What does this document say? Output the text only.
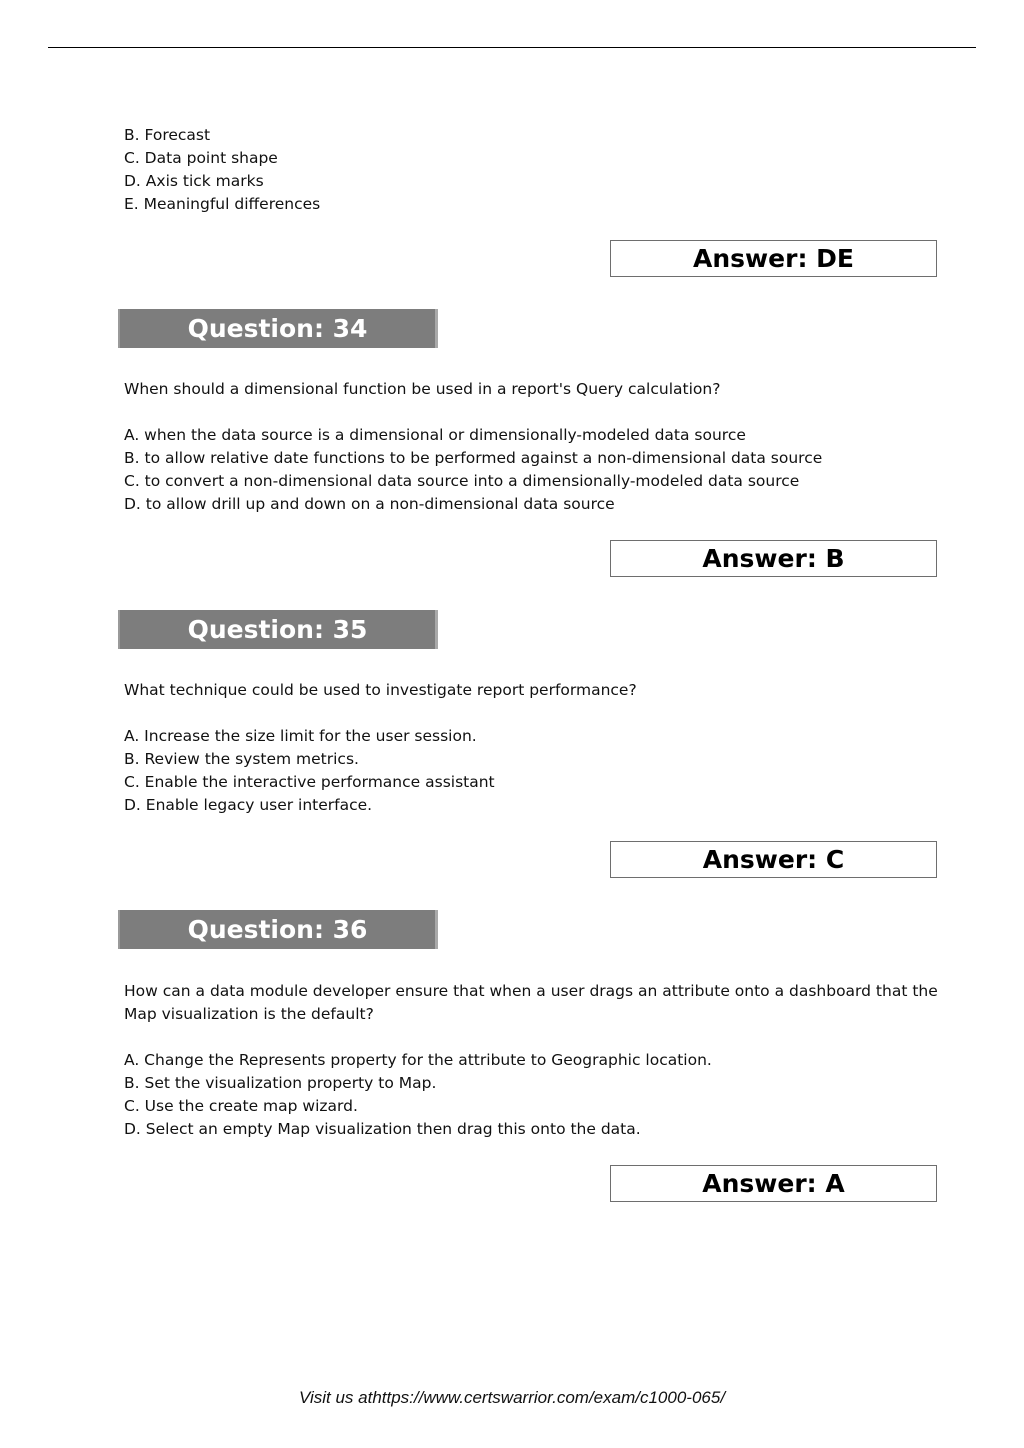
B. Forecast
C. Data point shape
D. Axis tick marks
E. Meaningful differences
Answer: DE
Question: 34
When should a dimensional function be used in a report's Query calculation?
A. when the data source is a dimensional or dimensionally-modeled data source
B. to allow relative date functions to be performed against a non-dimensional data source
C. to convert a non-dimensional data source into a dimensionally-modeled data source
D. to allow drill up and down on a non-dimensional data source
Answer: B
Question: 35
What technique could be used to investigate report performance?
A. Increase the size limit for the user session.
B. Review the system metrics.
C. Enable the interactive performance assistant
D. Enable legacy user interface.
Answer: C
Question: 36
How can a data module developer ensure that when a user drags an attribute onto a dashboard that the Map visualization is the default?
A. Change the Represents property for the attribute to Geographic location.
B. Set the visualization property to Map.
C. Use the create map wizard.
D. Select an empty Map visualization then drag this onto the data.
Answer: A
Visit us athttps://www.certswarrior.com/exam/c1000-065/
